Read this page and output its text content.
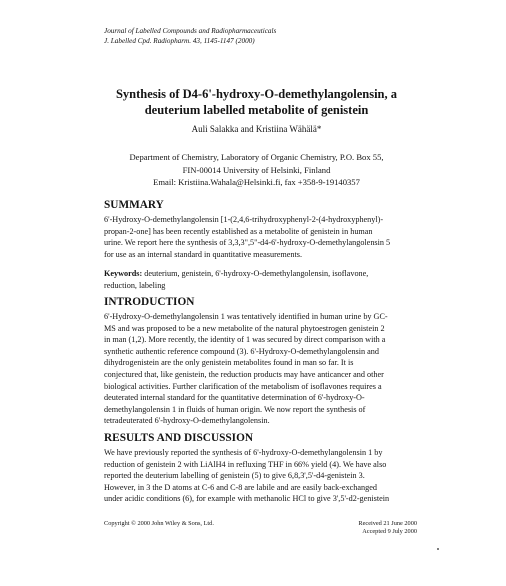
Journal of Labelled Compounds and Radiopharmaceuticals
J. Labelled Cpd. Radiopharm. 43, 1145-1147 (2000)
Synthesis of D4-6'-hydroxy-O-demethylangolensin, a
deuterium labelled metabolite of genistein
Auli Salakka and Kristiina Wähälä*
Department of Chemistry, Laboratory of Organic Chemistry, P.O. Box 55,
FIN-00014 University of Helsinki, Finland
Email: Kristiina.Wahala@Helsinki.fi, fax +358-9-19140357
SUMMARY
6'-Hydroxy-O-demethylangolensin [1-(2,4,6-trihydroxyphenyl-2-(4-hydroxyphenyl)-
propan-2-one] has been recently established as a metabolite of genistein in human
urine. We report here the synthesis of 3,3,3",5"-d4-6'-hydroxy-O-demethylangolensin 5
for use as an internal standard in quantitative measurements.
Keywords: deuterium, genistein, 6'-hydroxy-O-demethylangolensin, isoflavone,
reduction, labeling
INTRODUCTION
6'-Hydroxy-O-demethylangolensin 1 was tentatively identified in human urine by GC-
MS and was proposed to be a new metabolite of the natural phytoestrogen genistein 2
in man (1,2). More recently, the identity of 1 was secured by direct comparison with a
synthetic authentic reference compound (3). 6'-Hydroxy-O-demethylangolensin and
dihydrogenistein are the only genistein metabolites found in man so far. It is
conjectured that, like genistein, the reduction products may have anticancer and other
biological activities. Further clarification of the metabolism of isoflavones requires a
deuterated internal standard for the quantitative determination of 6'-hydroxy-O-
demethylangolensin 1 in fluids of human origin. We now report the synthesis of
tetradeuterated 6'-hydroxy-O-demethylangolensin.
RESULTS AND DISCUSSION
We have previously reported the synthesis of 6'-hydroxy-O-demethylangolensin 1 by
reduction of genistein 2 with LiAlH4 in refluxing THF in 66% yield (4). We have also
reported the deuterium labelling of genistein (5) to give 6,8,3',5'-d4-genistein 3.
However, in 3 the D atoms at C-6 and C-8 are labile and are easily back-exchanged
under acidic conditions (6), for example with methanolic HCl to give 3',5'-d2-genistein
Copyright © 2000 John Wiley & Sons, Ltd.	Received 21 June 2000
Accepted 9 July 2000
